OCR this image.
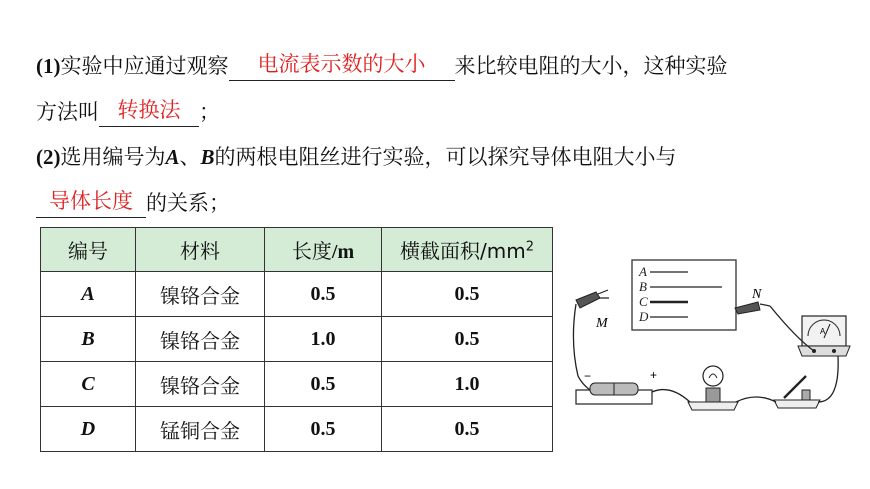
(1)实验中应通过观察 电流表示数的大小 来比较电阻的大小，这种实验
方法叫 转换法 ；
(2)选用编号为A、B的两根电阻丝进行实验，可以探究导体电阻大小与
导体长度 的关系；
编号	材料	长度/m	横截面积$/mm^2$
A	镍铬合金	0.5	0.5
B	镍铬合金	1.0	0.5
C	镍铬合金	0.5	1.0
D	锰铜合金	0.5	0.5
A
B
C
D
M
N
A
−	+
